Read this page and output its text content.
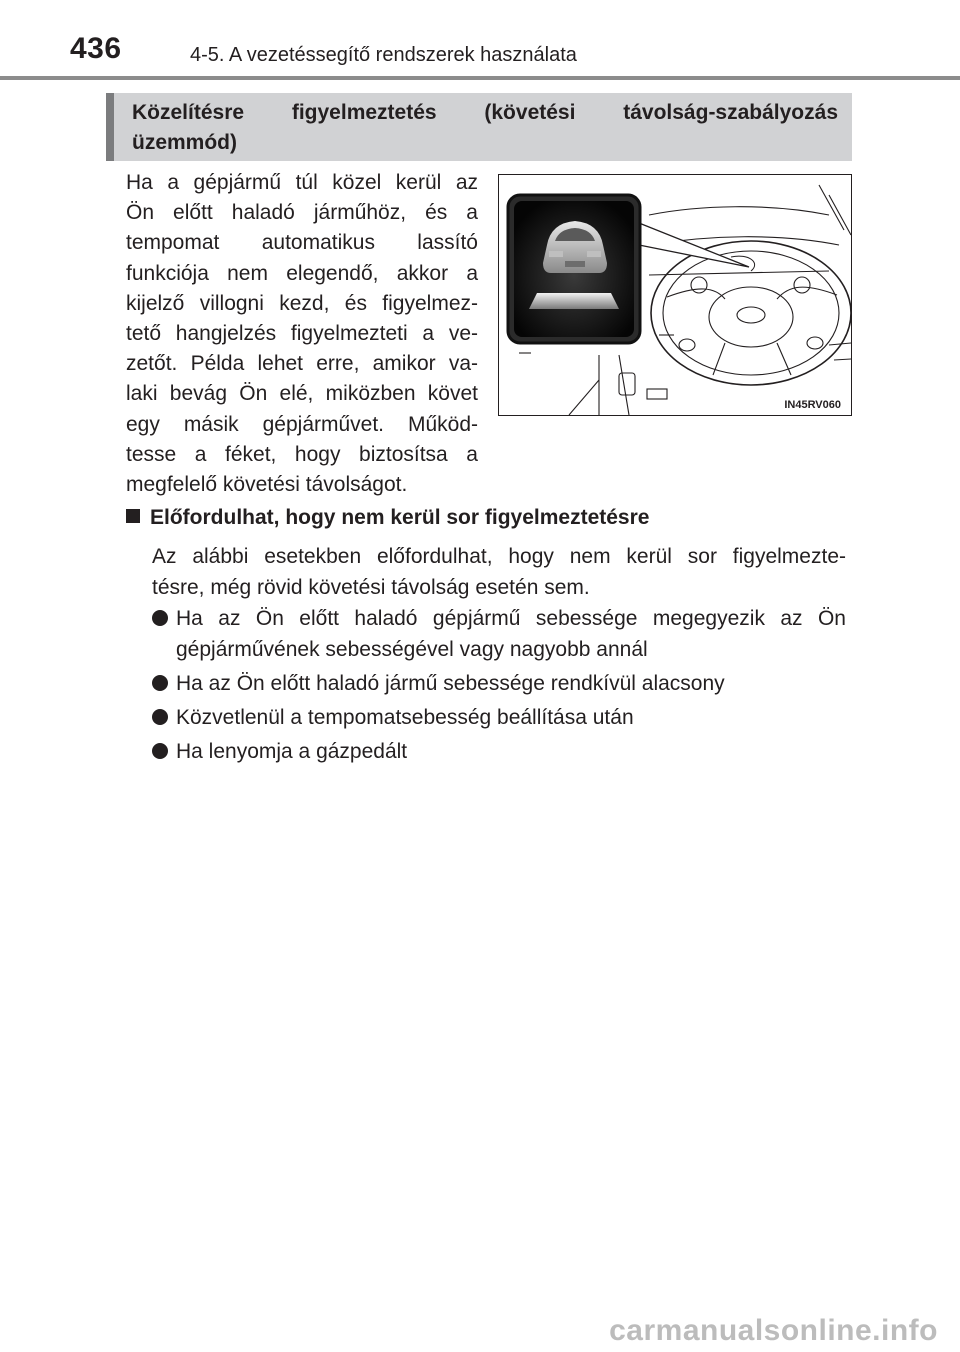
436	4-5. A vezetéssegítő rendszerek használata
Közelítésre figyelmeztetés (követési távolság-szabályozás
üzemmód)
Ha a gépjármű túl közel kerül az
Ön előtt haladó járműhöz, és a
tempomat automatikus lassító
funkciója nem elegendő, akkor a
kijelző villogni kezd, és figyelmez-
tető hangjelzés figyelmezteti a ve-
zetőt. Példa lehet erre, amikor va-
laki bevág Ön elé, miközben követ
egy másik gépjárművet. Működ-
tesse a féket, hogy biztosítsa a
megfelelő követési távolságot.
IN45RV060
Előfordulhat, hogy nem kerül sor figyelmeztetésre
Az alábbi esetekben előfordulhat, hogy nem kerül sor figyelmezte-
tésre, még rövid követési távolság esetén sem.
Ha az Ön előtt haladó gépjármű sebessége megegyezik az Ön
gépjárművének sebességével vagy nagyobb annál
Ha az Ön előtt haladó jármű sebessége rendkívül alacsony
Közvetlenül a tempomatsebesség beállítása után
Ha lenyomja a gázpedált
carmanualsonline.info
